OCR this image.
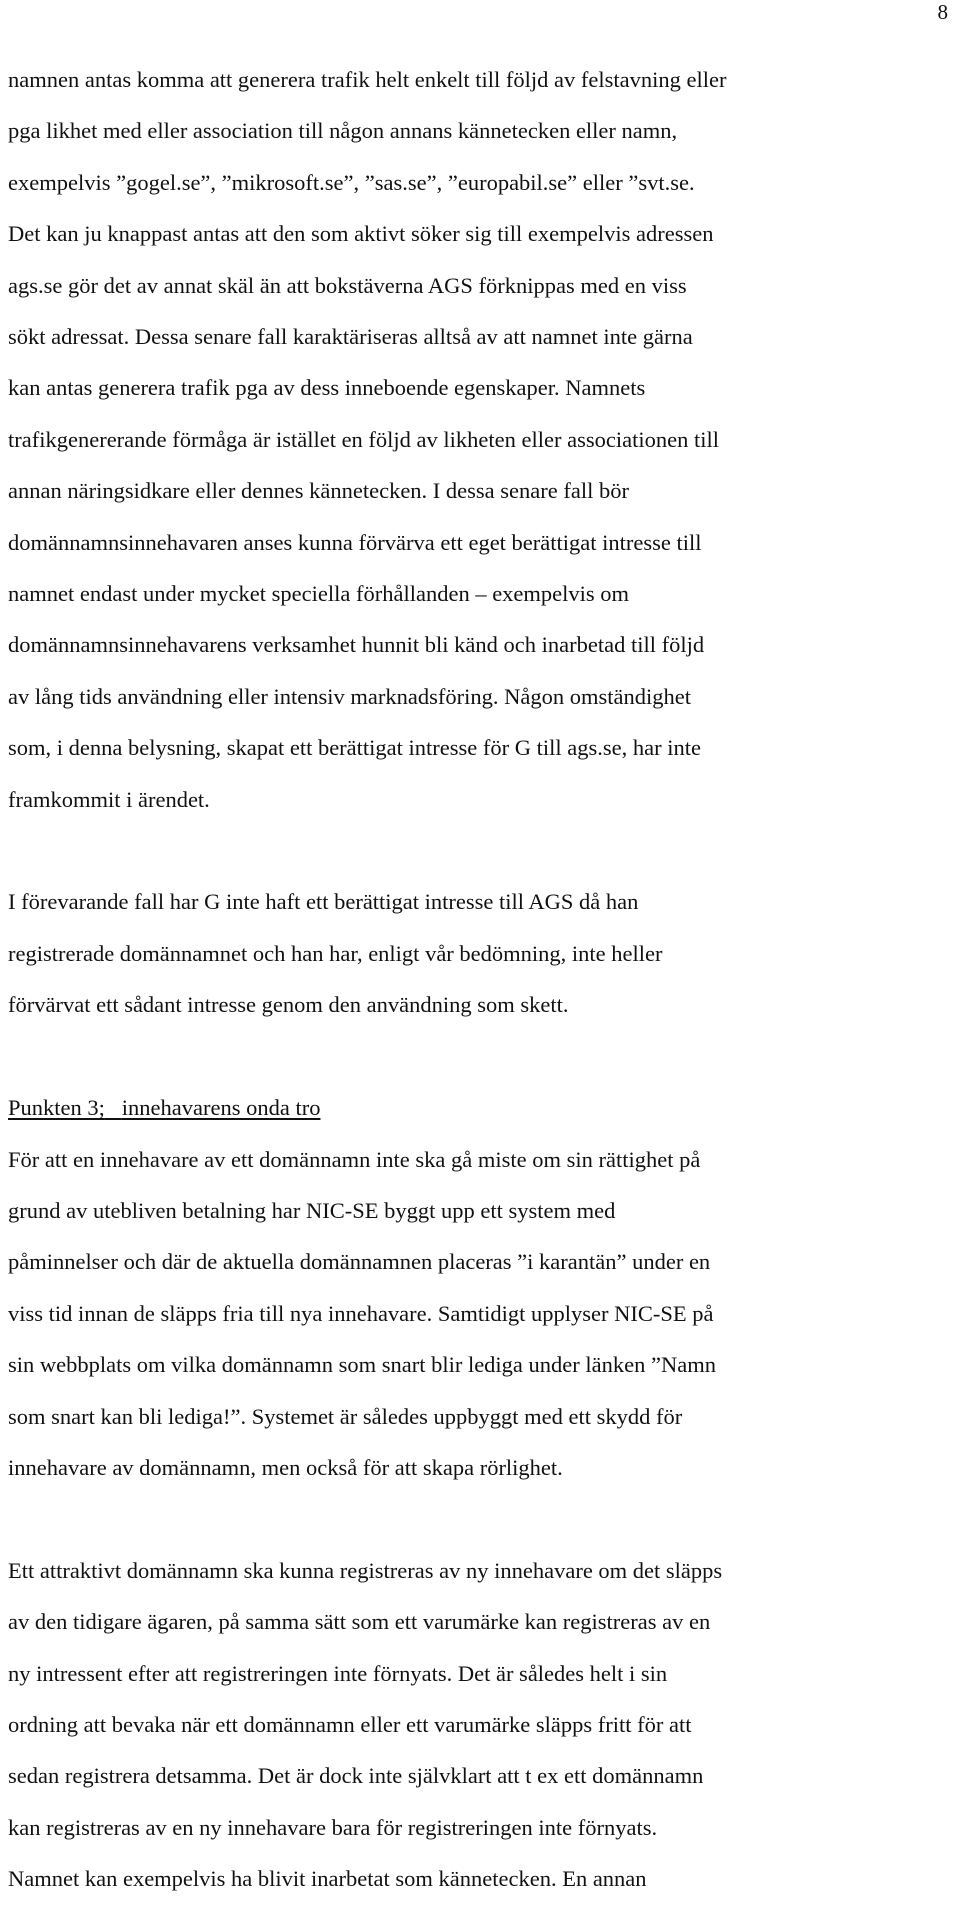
8
namnen antas komma att generera trafik helt enkelt till följd av felstavning eller
pga likhet med eller association till någon annans kännetecken eller namn,
exempelvis ”gogel.se”, ”mikrosoft.se”, ”sas.se”, ”europabil.se” eller ”svt.se.
Det kan ju knappast antas att den som aktivt söker sig till exempelvis adressen
ags.se gör det av annat skäl än att bokstäverna AGS förknippas med en viss
sökt adressat. Dessa senare fall karaktäriseras alltså av att namnet inte gärna
kan antas generera trafik pga av dess inneboende egenskaper. Namnets
trafikgenererande förmåga är istället en följd av likheten eller associationen till
annan näringsidkare eller dennes kännetecken. I dessa senare fall bör
domännamnsinnehavaren anses kunna förvärva ett eget berättigat intresse till
namnet endast under mycket speciella förhållanden – exempelvis om
domännamnsinnehavarens verksamhet hunnit bli känd och inarbetad till följd
av lång tids användning eller intensiv marknadsföring. Någon omständighet
som, i denna belysning, skapat ett berättigat intresse för G till ags.se, har inte
framkommit i ärendet.
I förevarande fall har G inte haft ett berättigat intresse till AGS då han
registrerade domännamnet och han har, enligt vår bedömning, inte heller
förvärvat ett sådant intresse genom den användning som skett.
Punkten 3; innehavarens onda tro
För att en innehavare av ett domännamn inte ska gå miste om sin rättighet på
grund av utebliven betalning har NIC-SE byggt upp ett system med
påminnelser och där de aktuella domännamnen placeras ”i karantän” under en
viss tid innan de släpps fria till nya innehavare. Samtidigt upplyser NIC-SE på
sin webbplats om vilka domännamn som snart blir lediga under länken ”Namn
som snart kan bli lediga!”. Systemet är således uppbyggt med ett skydd för
innehavare av domännamn, men också för att skapa rörlighet.
Ett attraktivt domännamn ska kunna registreras av ny innehavare om det släpps
av den tidigare ägaren, på samma sätt som ett varumärke kan registreras av en
ny intressent efter att registreringen inte förnyats. Det är således helt i sin
ordning att bevaka när ett domännamn eller ett varumärke släpps fritt för att
sedan registrera detsamma. Det är dock inte självklart att t ex ett domännamn
kan registreras av en ny innehavare bara för registreringen inte förnyats.
Namnet kan exempelvis ha blivit inarbetat som kännetecken. En annan
